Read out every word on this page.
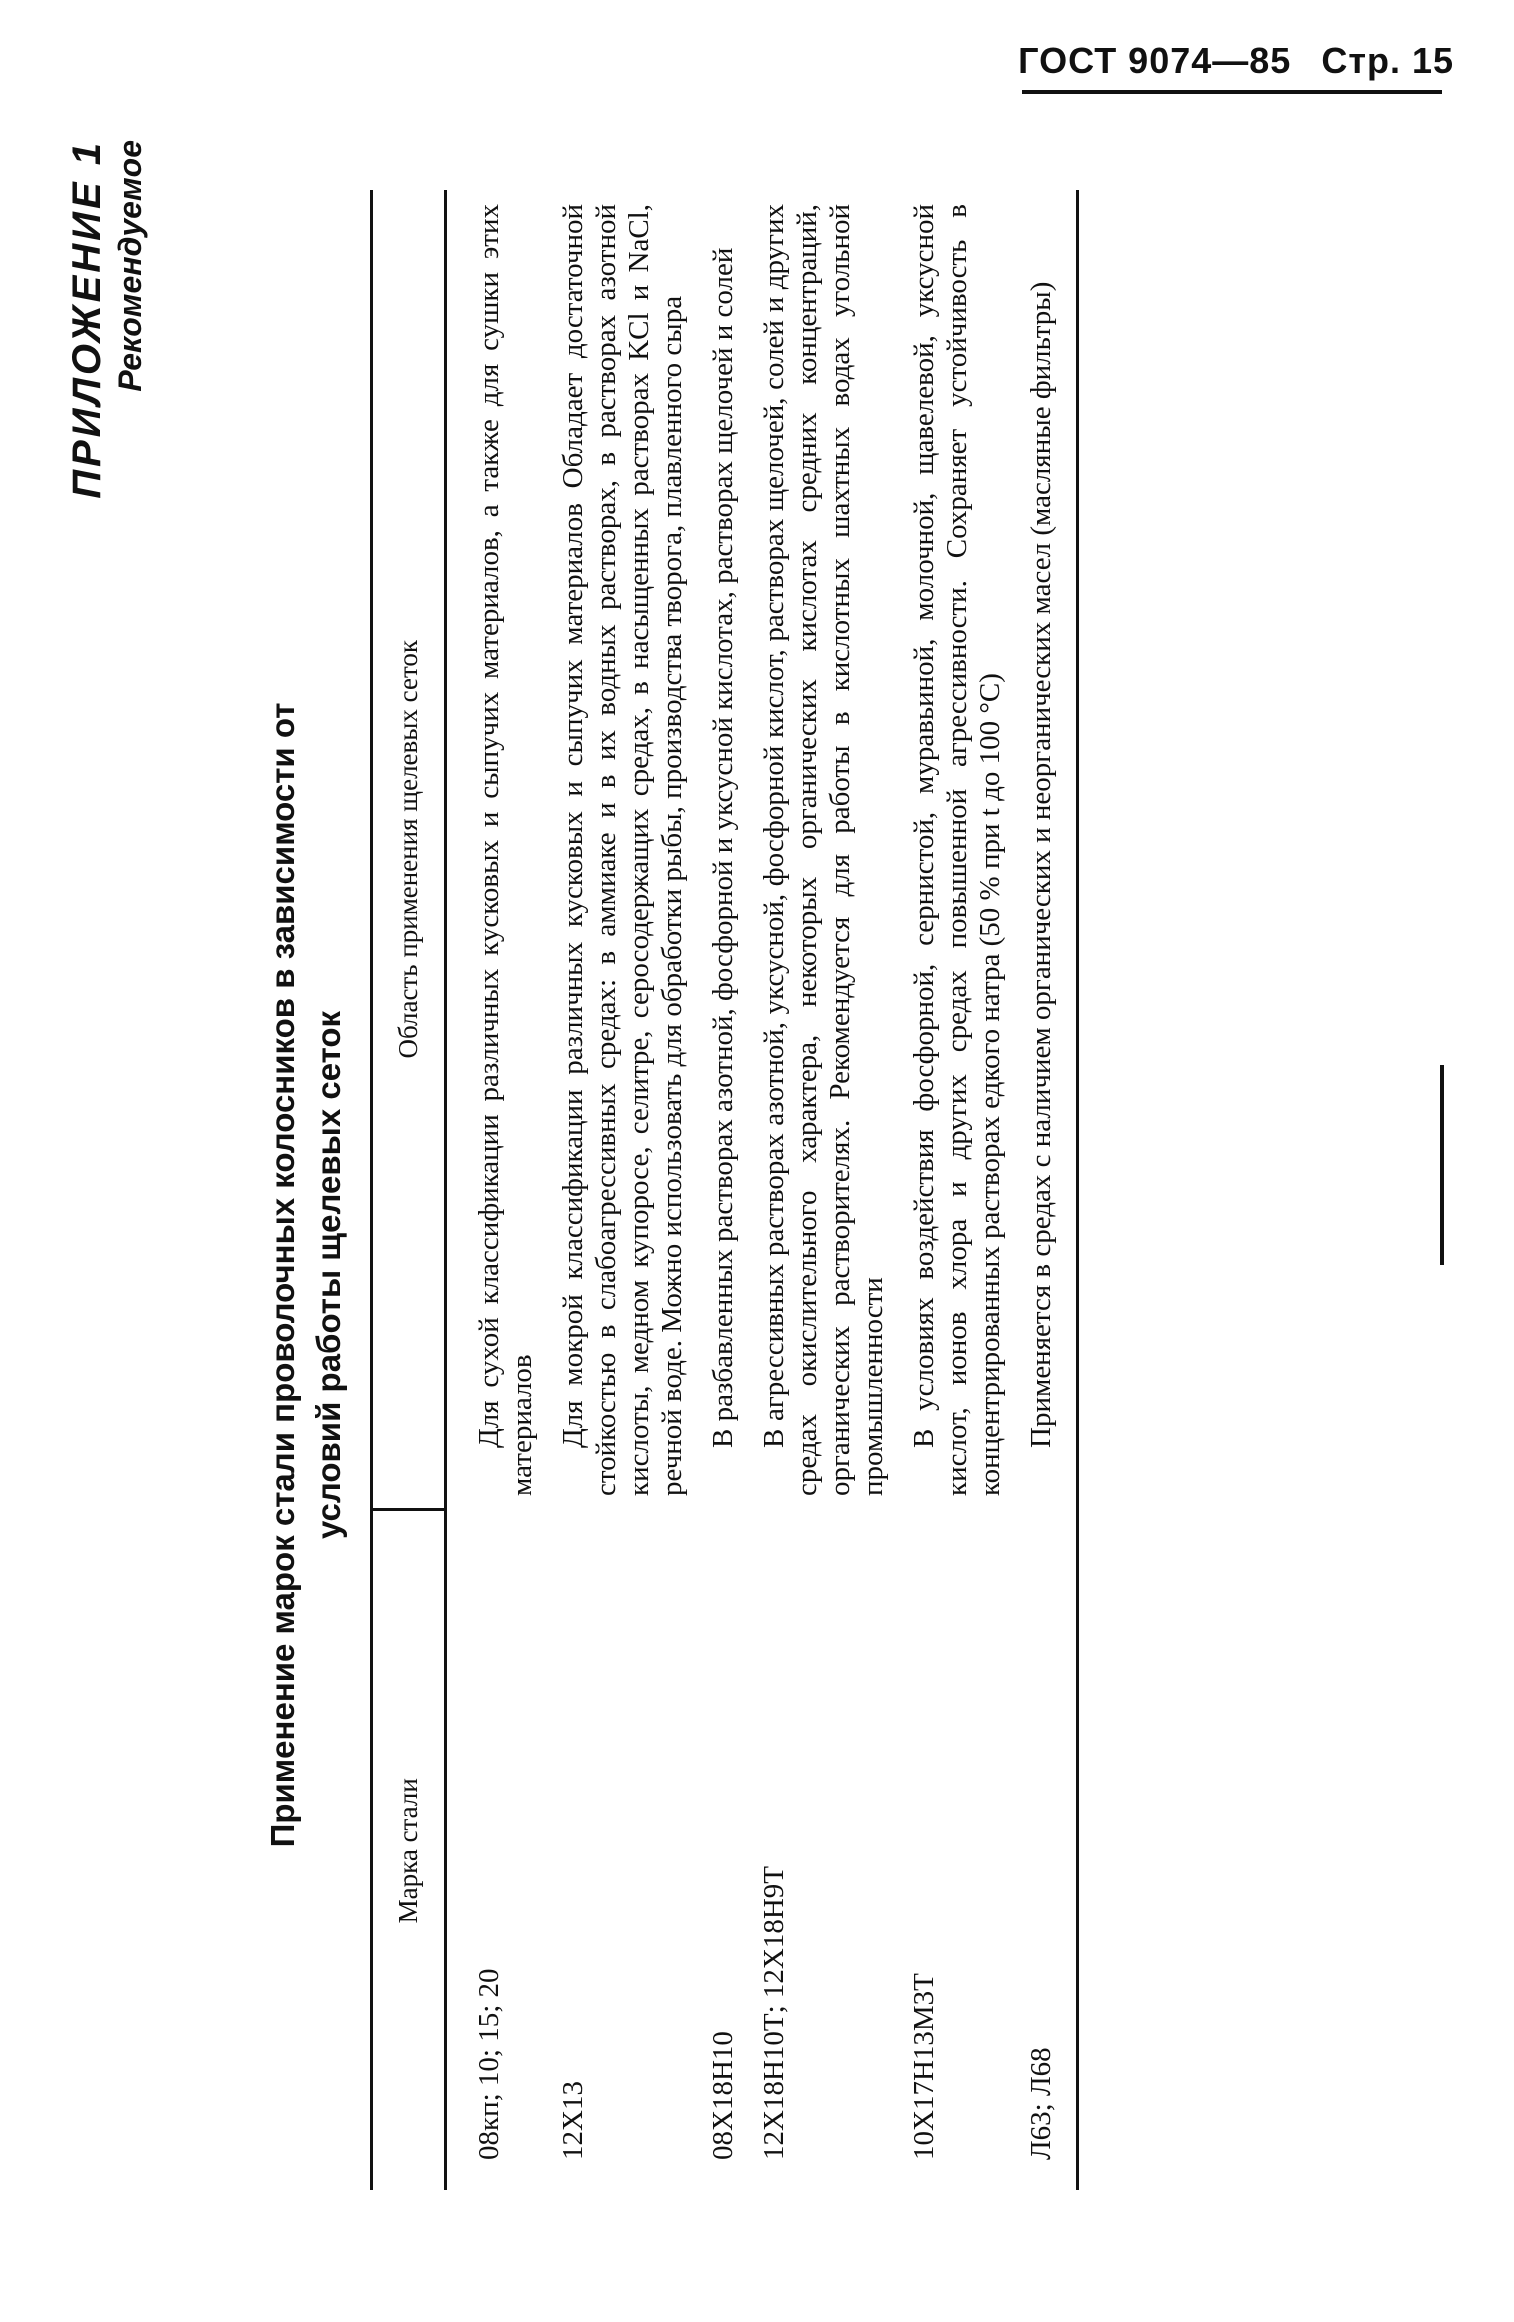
ГОСТ 9074—85 Стр. 15
ПРИЛОЖЕНИЕ 1 Рекомендуемое
Применение марок стали проволочных колосников в зависимости от условий работы щелевых сеток
Марка стали	Область применения щелевых сеток
08кп; 10; 15; 20	Для сухой классификации различных кусковых и сыпучих материалов, а также для сушки этих материалов
12Х13	Для мокрой классификации различных кусковых и сыпучих материалов Обладает достаточной стойкостью в слабоагрессивных средах: в аммиаке и в их водных растворах, в растворах азотной кислоты, медном купоросе, селитре, серосодержащих средах, в насыщенных растворах KCl и NaCl, речной воде. Можно использовать для обработки рыбы, производства творога, плавленного сыра
08Х18Н10	В разбавленных растворах азотной, фосфорной и уксусной кислотах, растворах щелочей и солей
12Х18Н10Т; 12Х18Н9Т	В агрессивных растворах азотной, уксусной, фосфорной кислот, растворах щелочей, солей и других средах окислительного характера, некоторых органических кислотах средних концентраций, органических растворителях. Рекомендуется для работы в кислотных шахтных водах угольной промышленности
10Х17Н13М3Т	В условиях воздействия фосфорной, сернистой, муравьиной, молочной, щавелевой, уксусной кислот, ионов хлора и других средах повышенной агрессивности. Сохраняет устойчивость в концентрированных растворах едкого натра (50 % при t до 100 °С)
Л63; Л68	Применяется в средах с наличием органических и неорганических масел (масляные фильтры)
